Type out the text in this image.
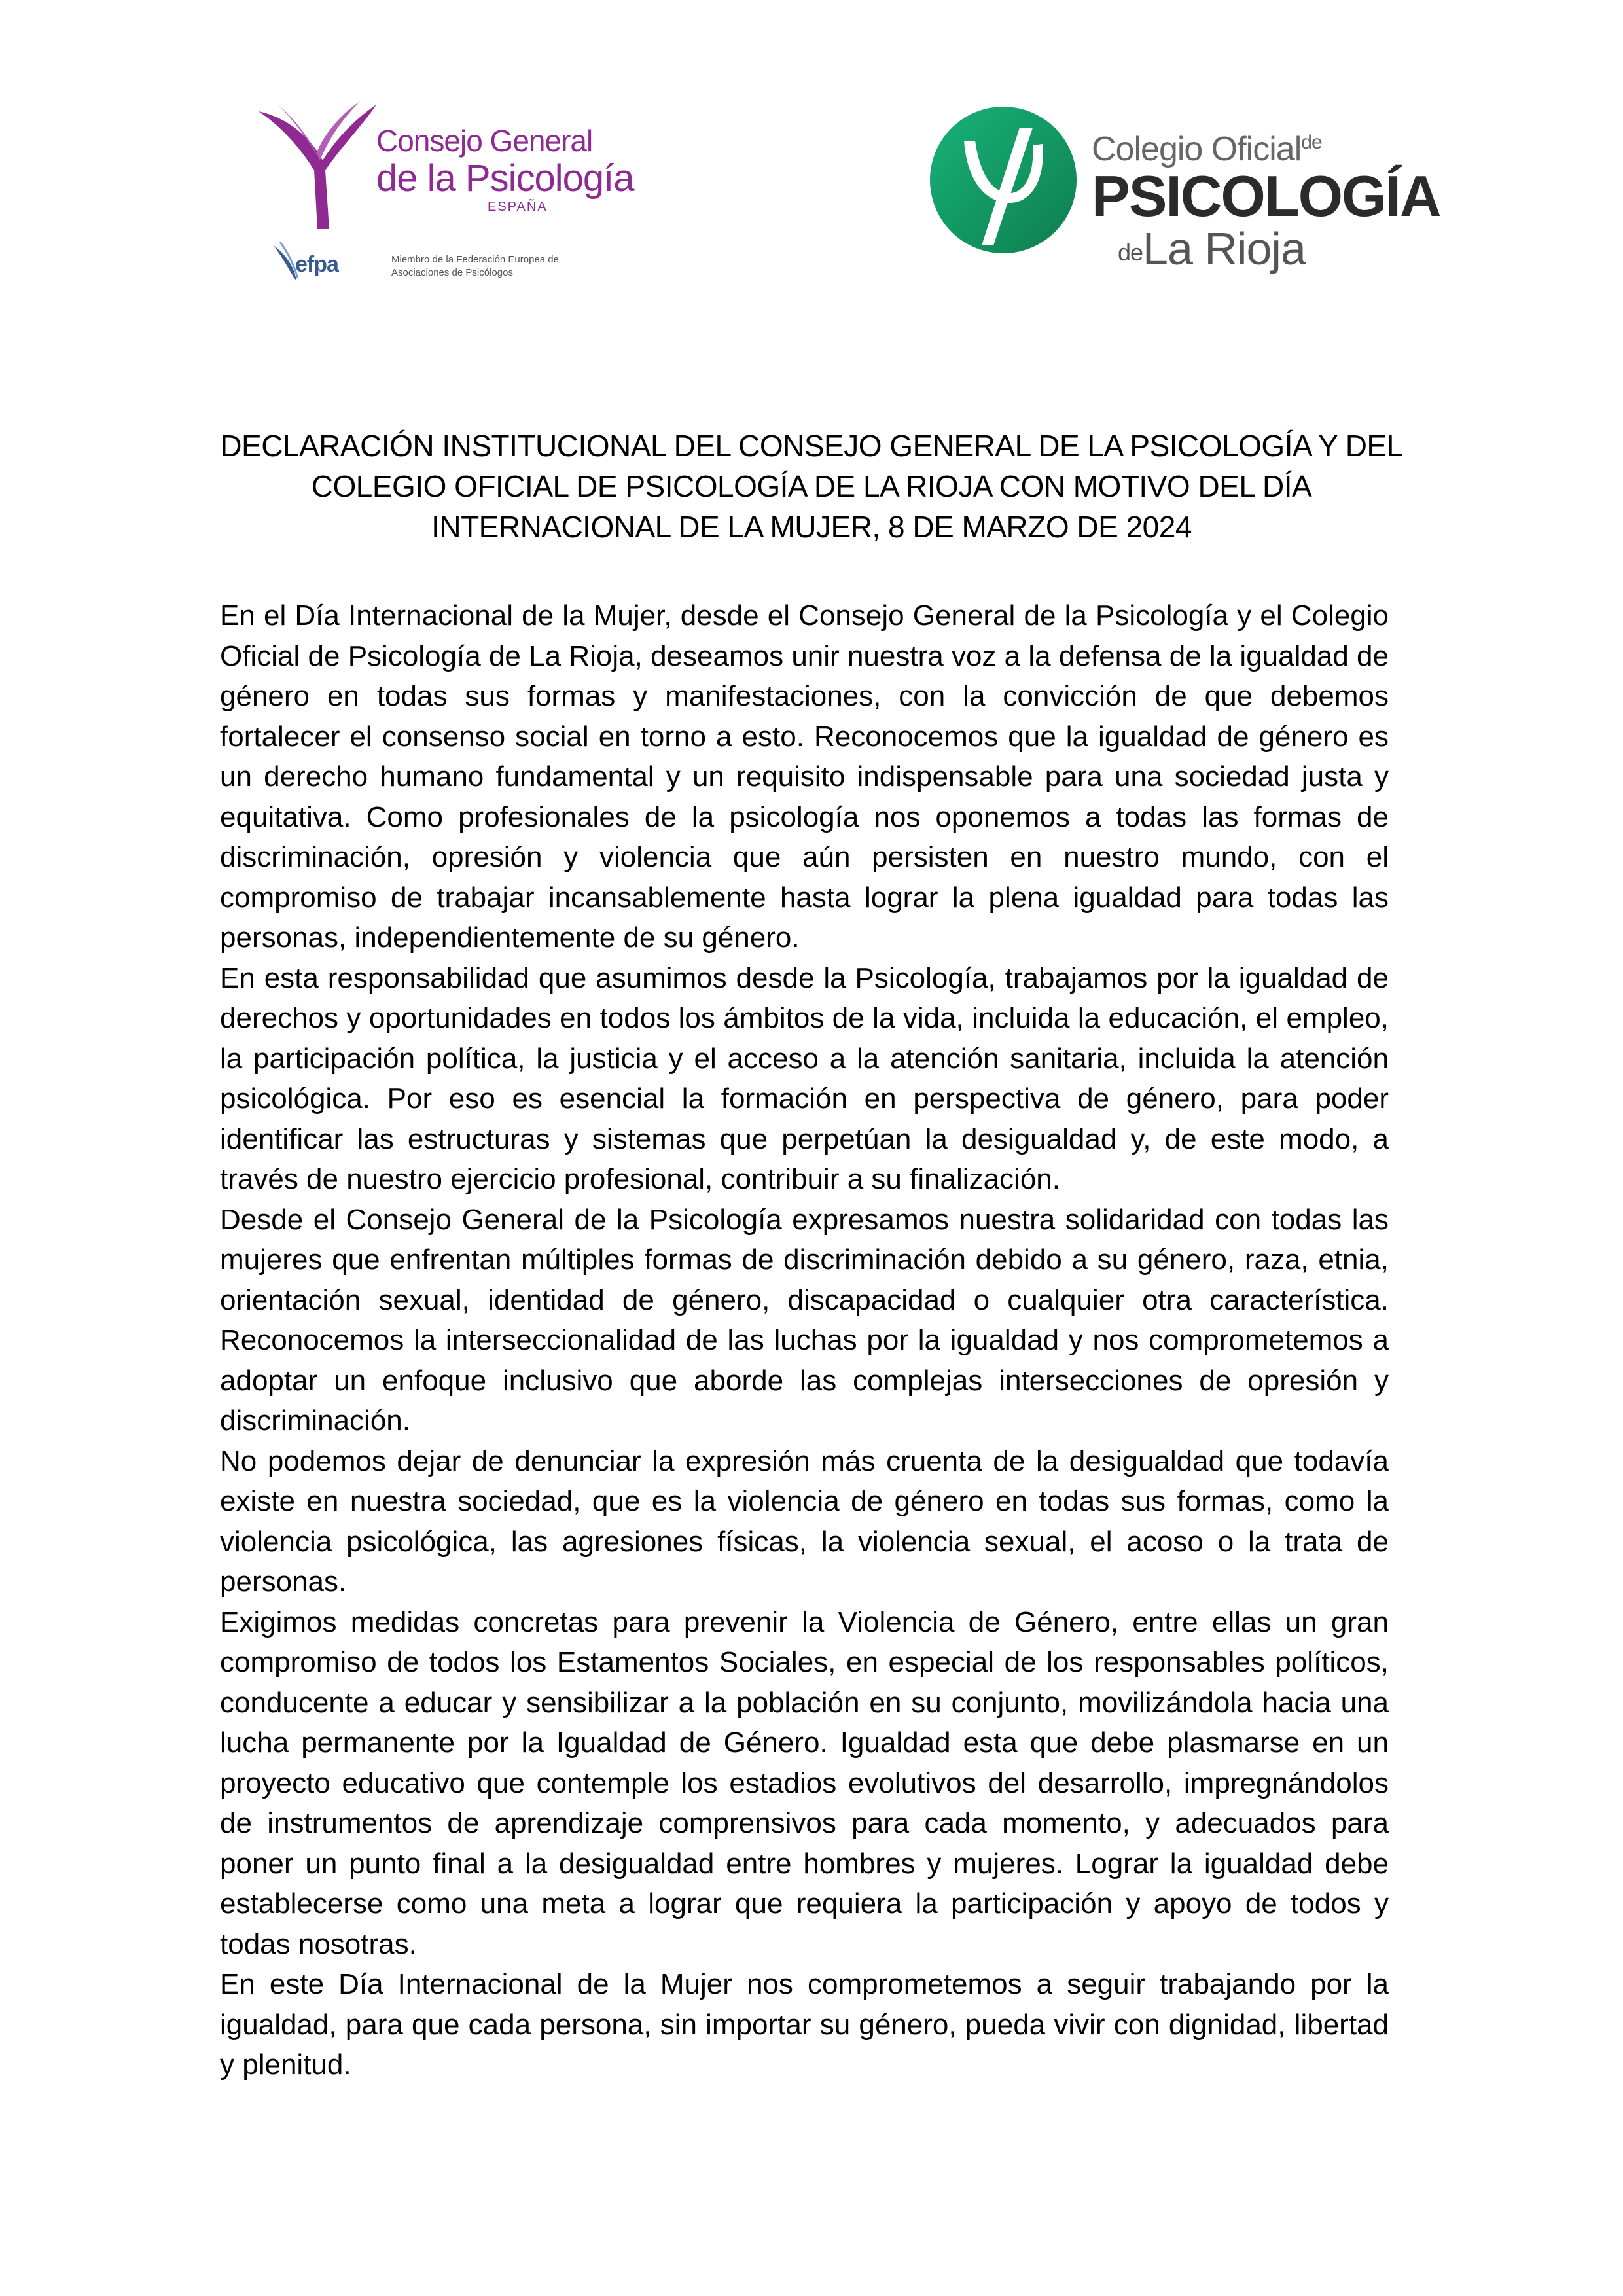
Consejo General
de la Psicología
ESPAÑA
efpa	Miembro de la Federación Europea de Asociaciones de Psicólogos
Colegio Oficial$^{de}$
PSICOLOGÍA
deLa Rioja
DECLARACIÓN INSTITUCIONAL DEL CONSEJO GENERAL DE LA PSICOLOGÍA Y DEL COLEGIO OFICIAL DE PSICOLOGÍA DE LA RIOJA CON MOTIVO DEL DÍA INTERNACIONAL DE LA MUJER, 8 DE MARZO DE 2024

En el Día Internacional de la Mujer, desde el Consejo General de la Psicología y el Colegio Oficial de Psicología de La Rioja, deseamos unir nuestra voz a la defensa de la igualdad de género en todas sus formas y manifestaciones, con la convicción de que debemos fortalecer el consenso social en torno a esto. Reconocemos que la igualdad de género es un derecho humano fundamental y un requisito indispensable para una sociedad justa y equitativa. Como profesionales de la psicología nos oponemos a todas las formas de discriminación, opresión y violencia que aún persisten en nuestro mundo, con el compromiso de trabajar incansablemente hasta lograr la plena igualdad para todas las personas, independientemente de su género.

En esta responsabilidad que asumimos desde la Psicología, trabajamos por la igualdad de derechos y oportunidades en todos los ámbitos de la vida, incluida la educación, el empleo, la participación política, la justicia y el acceso a la atención sanitaria, incluida la atención psicológica. Por eso es esencial la formación en perspectiva de género, para poder identificar las estructuras y sistemas que perpetúan la desigualdad y, de este modo, a través de nuestro ejercicio profesional, contribuir a su finalización.

Desde el Consejo General de la Psicología expresamos nuestra solidaridad con todas las mujeres que enfrentan múltiples formas de discriminación debido a su género, raza, etnia, orientación sexual, identidad de género, discapacidad o cualquier otra característica. Reconocemos la interseccionalidad de las luchas por la igualdad y nos comprometemos a adoptar un enfoque inclusivo que aborde las complejas intersecciones de opresión y discriminación.

No podemos dejar de denunciar la expresión más cruenta de la desigualdad que todavía existe en nuestra sociedad, que es la violencia de género en todas sus formas, como la violencia psicológica, las agresiones físicas, la violencia sexual, el acoso o la trata de personas.

Exigimos medidas concretas para prevenir la Violencia de Género, entre ellas un gran compromiso de todos los Estamentos Sociales, en especial de los responsables políticos, conducente a educar y sensibilizar a la población en su conjunto, movilizándola hacia una lucha permanente por la Igualdad de Género. Igualdad esta que debe plasmarse en un proyecto educativo que contemple los estadios evolutivos del desarrollo, impregnándolos de instrumentos de aprendizaje comprensivos para cada momento, y adecuados para poner un punto final a la desigualdad entre hombres y mujeres. Lograr la igualdad debe establecerse como una meta a lograr que requiera la participación y apoyo de todos y todas nosotras.

En este Día Internacional de la Mujer nos comprometemos a seguir trabajando por la igualdad, para que cada persona, sin importar su género, pueda vivir con dignidad, libertad y plenitud.
